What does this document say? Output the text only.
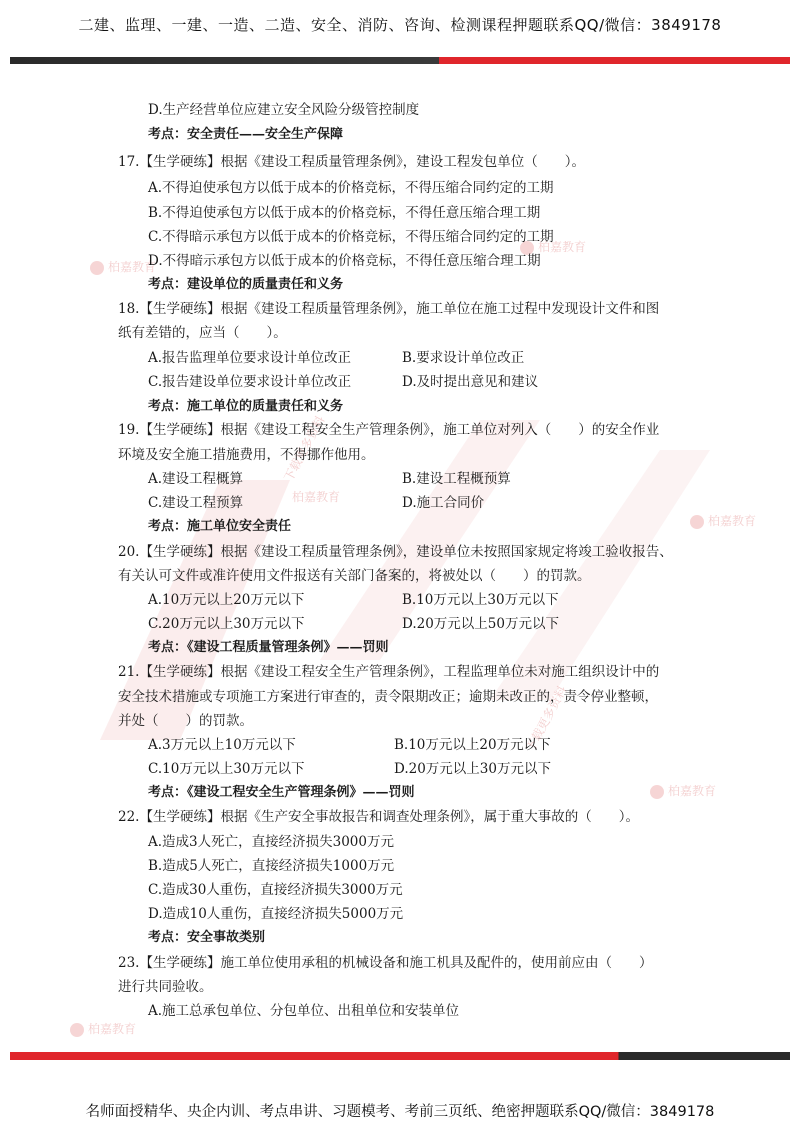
二建、监理、一建、一造、二造、安全、消防、咨询、检测课程押题联系QQ/微信：3849178
柏嘉教育
柏嘉教育
柏嘉教育
柏嘉教育
柏嘉教育
柏嘉教育
下载更多资料
下载更多资料
D.生产经营单位应建立安全风险分级管控制度
考点：安全责任——安全生产保障
17.【生学硬练】根据《建设工程质量管理条例》，建设工程发包单位（　　）。
A.不得迫使承包方以低于成本的价格竞标，不得压缩合同约定的工期
B.不得迫使承包方以低于成本的价格竞标，不得任意压缩合理工期
C.不得暗示承包方以低于成本的价格竞标，不得压缩合同约定的工期
D.不得暗示承包方以低于成本的价格竞标，不得任意压缩合理工期
考点：建设单位的质量责任和义务
18.【生学硬练】根据《建设工程质量管理条例》，施工单位在施工过程中发现设计文件和图
纸有差错的，应当（　　）。
A.报告监理单位要求设计单位改正	B.要求设计单位改正
C.报告建设单位要求设计单位改正	D.及时提出意见和建议
考点：施工单位的质量责任和义务
19.【生学硬练】根据《建设工程安全生产管理条例》，施工单位对列入（　　）的安全作业
环境及安全施工措施费用，不得挪作他用。
A.建设工程概算	B.建设工程概预算
C.建设工程预算	D.施工合同价
考点：施工单位安全责任
20.【生学硬练】根据《建设工程质量管理条例》，建设单位未按照国家规定将竣工验收报告、
有关认可文件或准许使用文件报送有关部门备案的，将被处以（　　）的罚款。
A.10万元以上20万元以下	B.10万元以上30万元以下
C.20万元以上30万元以下	D.20万元以上50万元以下
考点：《建设工程质量管理条例》——罚则
21.【生学硬练】根据《建设工程安全生产管理条例》，工程监理单位未对施工组织设计中的
安全技术措施或专项施工方案进行审查的，责令限期改正；逾期未改正的，责令停业整顿，
并处（　　）的罚款。
A.3万元以上10万元以下	B.10万元以上20万元以下
C.10万元以上30万元以下	D.20万元以上30万元以下
考点：《建设工程安全生产管理条例》——罚则
22.【生学硬练】根据《生产安全事故报告和调查处理条例》，属于重大事故的（　　）。
A.造成3人死亡，直接经济损失3000万元
B.造成5人死亡，直接经济损失1000万元
C.造成30人重伤，直接经济损失3000万元
D.造成10人重伤，直接经济损失5000万元
考点：安全事故类别
23.【生学硬练】施工单位使用承租的机械设备和施工机具及配件的，使用前应由（　　）
进行共同验收。
A.施工总承包单位、分包单位、出租单位和安装单位
名师面授精华、央企内训、考点串讲、习题模考、考前三页纸、绝密押题联系QQ/微信：3849178
